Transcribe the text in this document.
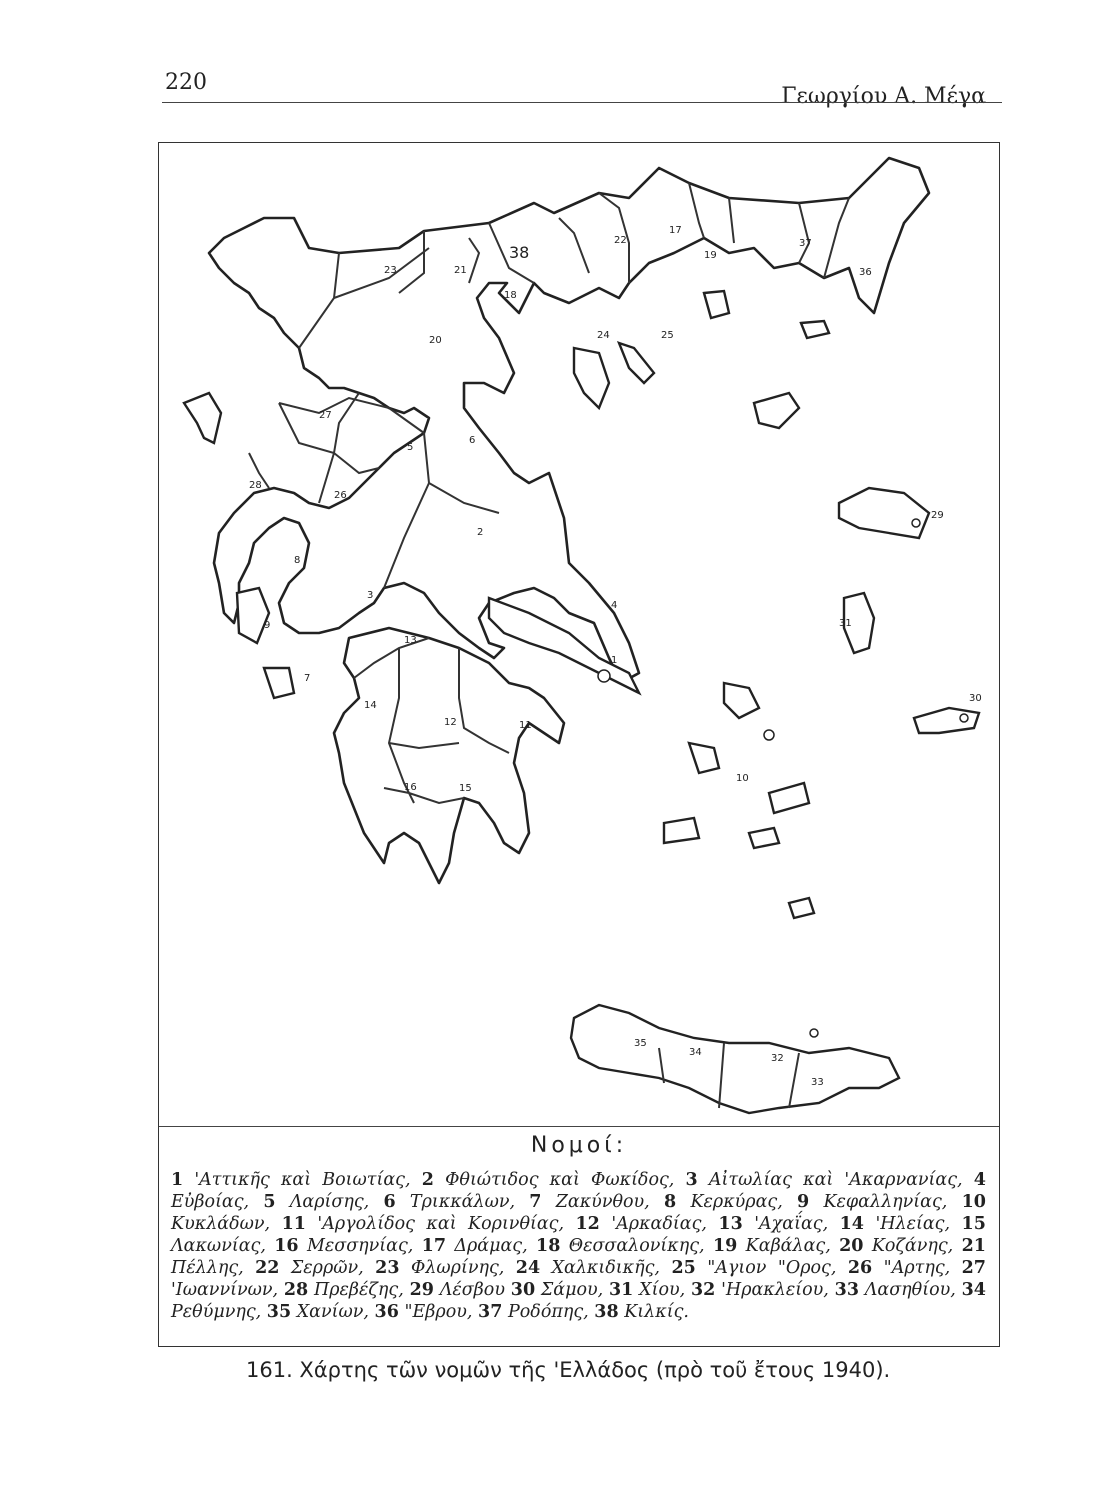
220
Γεωργίου Α. Μέγα
1
2
3
4
5
6
7
8
9
10
11
12
13
14
15
16
17
18
19
20
21
22
23
24	25
26
27
28
29
30
31
32
33
34
35
36
37
38
Νομοί:
1 'Αττικῆς καὶ Βοιωτίας, 2 Φθιώτιδος καὶ Φωκίδος, 3 Αἰτωλίας καὶ 'Ακαρνανίας, 4 Εὐβοίας, 5 Λαρίσης, 6 Τρικκάλων, 7 Ζακύνθου, 8 Κερκύρας, 9 Κεφαλληνίας, 10 Κυκλάδων, 11 'Αργολίδος καὶ Κορινθίας, 12 'Αρκαδίας, 13 'Αχαΐας, 14 'Ηλείας, 15 Λακωνίας, 16 Μεσσηνίας, 17 Δράμας, 18 Θεσσαλονίκης, 19 Καβάλας, 20 Κοζάνης, 21 Πέλλης, 22 Σερρῶν, 23 Φλωρίνης, 24 Χαλκιδικῆς, 25 "Αγιον "Ορος, 26 "Αρτης, 27 'Ιωαννίνων, 28 Πρεβέζης, 29 Λέσβου 30 Σάμου, 31 Χίου, 32 'Ηρακλείου, 33 Λασηθίου, 34 Ρεθύμνης, 35 Χανίων, 36 "Εβρου, 37 Ροδόπης, 38 Κιλκίς.
161. Χάρτης τῶν νομῶν τῆς 'Ελλάδος (πρὸ τοῦ ἔτους 1940).
